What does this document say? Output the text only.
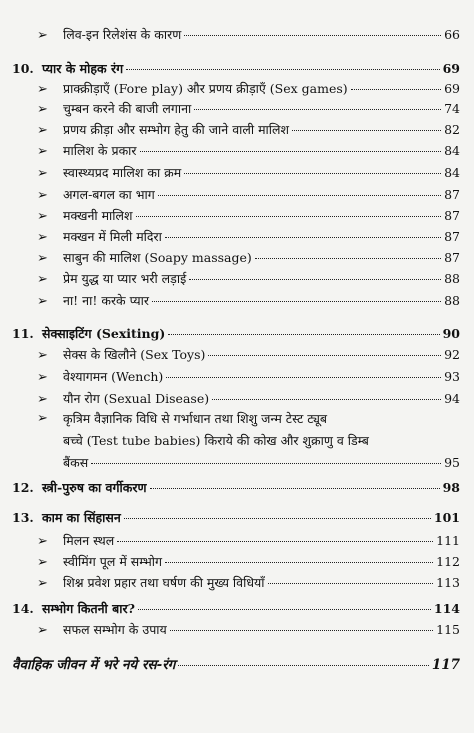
➢	लिव-इन रिलेशंस के कारण	66
10. प्यार के मोहक रंग	69
➢	प्राक्क्रीड़ाएँ (Fore play) और प्रणय क्रीड़ाएँ (Sex games)	69
➢	चुम्बन करने की बाजी लगाना	74
➢	प्रणय क्रीड़ा और सम्भोग हेतु की जाने वाली मालिश	82
➢	मालिश के प्रकार	84
➢	स्वास्थ्यप्रद मालिश का क्रम	84
➢	अगल-बगल का भाग	87
➢	मक्खनी मालिश	87
➢	मक्खन में मिली मदिरा	87
➢	साबुन की मालिश (Soapy massage)	87
➢	प्रेम युद्ध या प्यार भरी लड़ाई	88
➢	ना! ना! करके प्यार	88
11. सेक्साइटिंग (Sexiting)	90
➢	सेक्स के खिलौने (Sex Toys)	92
➢	वेश्यागमन (Wench)	93
➢	यौन रोग (Sexual Disease)	94
➢	कृत्रिम वैज्ञानिक विधि से गर्भाधान तथा शिशु जन्म टेस्ट ट्यूब
बच्चे (Test tube babies) किराये की कोख और शुक्राणु व डिम्ब
बैंकस	95
12. स्त्री-पुरुष का वर्गीकरण	98
13. काम का सिंहासन	101
➢	मिलन स्थल	111
➢	स्वीमिंग पूल में सम्भोग	112
➢	शिश्न प्रवेश प्रहार तथा घर्षण की मुख्य विधियाँ	113
14. सम्भोग कितनी बार?	114
➢	सफल सम्भोग के उपाय	115
वैवाहिक जीवन में भरे नये रस-रंग	117
